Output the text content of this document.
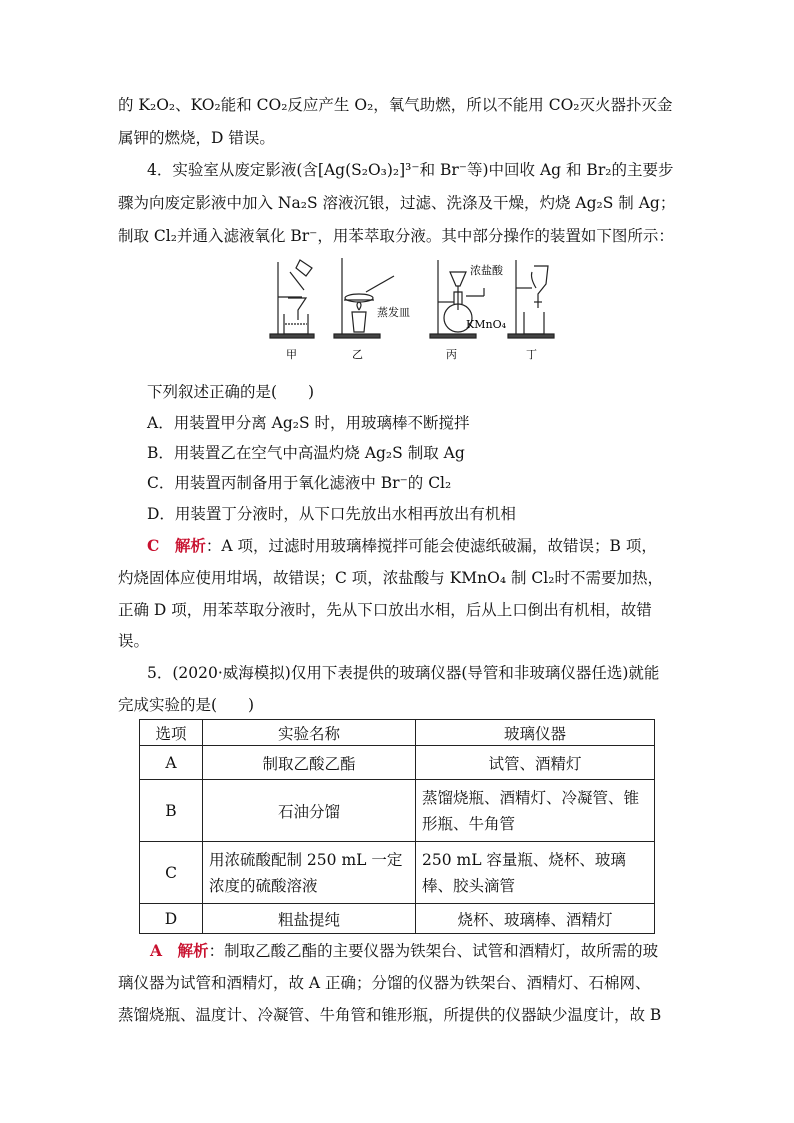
的 K₂O₂、KO₂能和 CO₂反应产生 O₂，氧气助燃，所以不能用 CO₂灭火器扑灭金
属钾的燃烧，D 错误。
4．实验室从废定影液(含[Ag(S₂O₃)₂]³⁻和 Br⁻等)中回收 Ag 和 Br₂的主要步
骤为向废定影液中加入 Na₂S 溶液沉银，过滤、洗涤及干燥，灼烧 Ag₂S 制 Ag；
制取 Cl₂并通入滤液氧化 Br⁻，用苯萃取分液。其中部分操作的装置如下图所示：
蒸发皿
浓盐酸
KMnO₄
甲	乙	丙	丁
下列叙述正确的是(　　)
A．用装置甲分离 Ag₂S 时，用玻璃棒不断搅拌
B．用装置乙在空气中高温灼烧 Ag₂S 制取 Ag
C．用装置丙制备用于氧化滤液中 Br⁻的 Cl₂
D．用装置丁分液时，从下口先放出水相再放出有机相
C　 解析：A 项，过滤时用玻璃棒搅拌可能会使滤纸破漏，故错误；B 项，
灼烧固体应使用坩埚，故错误；C 项，浓盐酸与 KMnO₄ 制 Cl₂时不需要加热，
正确 D 项，用苯萃取分液时，先从下口放出水相，后从上口倒出有机相，故错
误。
5．(2020·威海模拟)仅用下表提供的玻璃仪器(导管和非玻璃仪器任选)就能
完成实验的是(　　)
选项	实验名称	玻璃仪器
A	制取乙酸乙酯	试管、酒精灯
B	石油分馏	蒸馏烧瓶、酒精灯、冷凝管、锥形瓶、牛角管
C	用浓硫酸配制 250 mL 一定浓度的硫酸溶液	250 mL 容量瓶、烧杯、玻璃棒、胶头滴管
D	粗盐提纯	烧杯、玻璃棒、酒精灯
A　 解析：制取乙酸乙酯的主要仪器为铁架台、试管和酒精灯，故所需的玻
璃仪器为试管和酒精灯，故 A 正确；分馏的仪器为铁架台、酒精灯、石棉网、
蒸馏烧瓶、温度计、冷凝管、牛角管和锥形瓶，所提供的仪器缺少温度计，故 B
